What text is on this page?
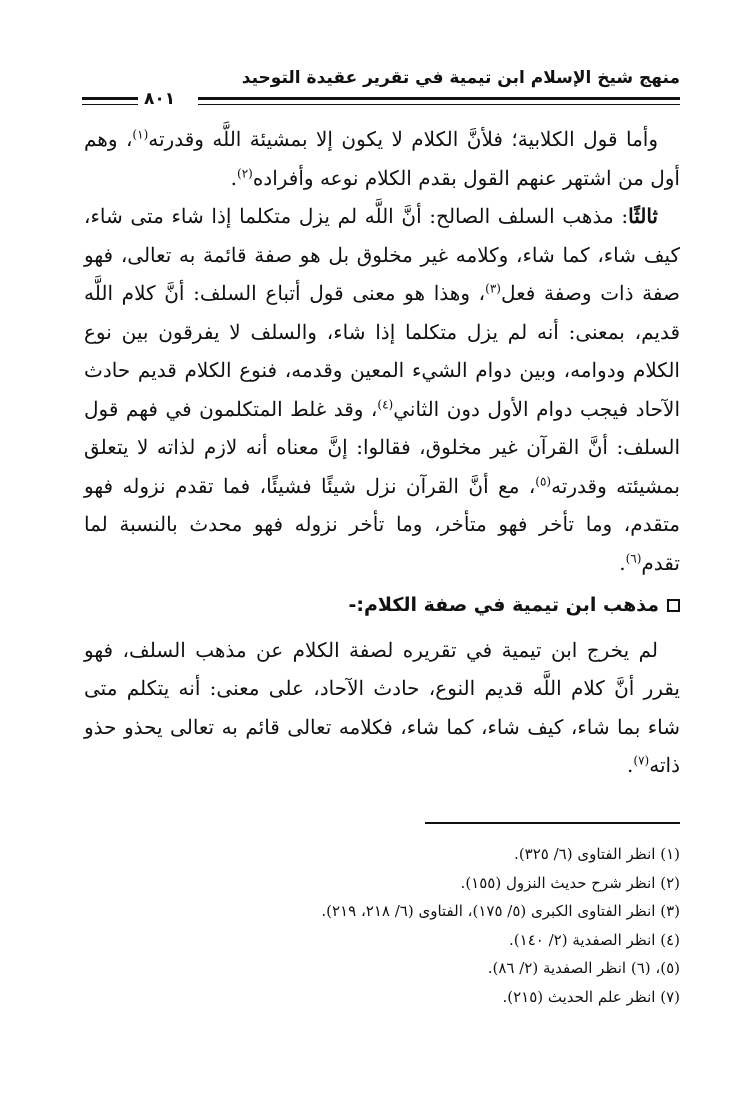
منهج شيخ الإسلام ابن تيمية في تقرير عقيدة التوحيد
٨٠١

وأما قول الكلابية؛ فلأنَّ الكلام لا يكون إلا بمشيئة اللَّه وقدرته$^{(١)}$، وهم أول من اشتهر عنهم القول بقدم الكلام نوعه وأفراده$^{(٢)}$.

ثالثًا: مذهب السلف الصالح: أنَّ اللَّه لم يزل متكلما إذا شاء متى شاء، كيف شاء، كما شاء، وكلامه غير مخلوق بل هو صفة قائمة به تعالى، فهو صفة ذات وصفة فعل$^{(٣)}$، وهذا هو معنى قول أتباع السلف: أنَّ كلام اللَّه قديم، بمعنى: أنه لم يزل متكلما إذا شاء، والسلف لا يفرقون بين نوع الكلام ودوامه، وبين دوام الشيء المعين وقدمه، فنوع الكلام قديم حادث الآحاد فيجب دوام الأول دون الثاني$^{(٤)}$، وقد غلط المتكلمون في فهم قول السلف: أنَّ القرآن غير مخلوق، فقالوا: إنَّ معناه أنه لازم لذاته لا يتعلق بمشيئته وقدرته$^{(٥)}$، مع أنَّ القرآن نزل شيئًا فشيئًا، فما تقدم نزوله فهو متقدم، وما تأخر فهو متأخر، وما تأخر نزوله فهو محدث بالنسبة لما تقدم$^{(٦)}$.

مذهب ابن تيمية في صفة الكلام:-

لم يخرج ابن تيمية في تقريره لصفة الكلام عن مذهب السلف، فهو يقرر أنَّ كلام اللَّه قديم النوع، حادث الآحاد، على معنى: أنه يتكلم متى شاء بما شاء، كيف شاء، كما شاء، فكلامه تعالى قائم به تعالى يحذو حذو ذاته$^{(٧)}$.

(١) انظر الفتاوى (٦/ ٣٢٥).
(٢) انظر شرح حديث النزول (١٥٥).
(٣) انظر الفتاوى الكبرى (٥/ ١٧٥)، الفتاوى (٦/ ٢١٨، ٢١٩).
(٤) انظر الصفدية (٢/ ١٤٠).
(٥)، (٦) انظر الصفدية (٢/ ٨٦).
(٧) انظر علم الحديث (٢١٥).
